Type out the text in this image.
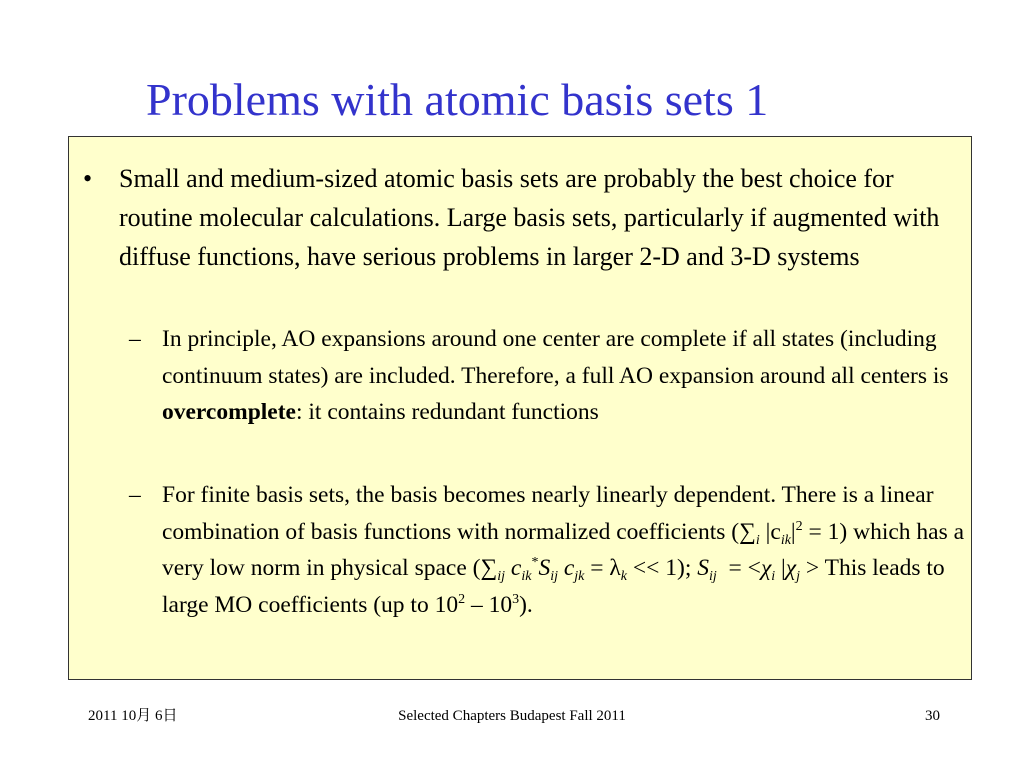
Problems with atomic basis sets 1
• Small and medium-sized atomic basis sets are probably the best choice for routine molecular calculations. Large basis sets, particularly if augmented with diffuse functions, have serious problems in larger 2-D and 3-D systems
– In principle, AO expansions around one center are complete if all states (including continuum states) are included. Therefore, a full AO expansion around all centers is overcomplete: it contains redundant functions
– For finite basis sets, the basis becomes nearly linearly dependent. There is a linear combination of basis functions with normalized coefficients ($\sum_i$ $|c_{ik}|^2 = 1$) which has a very low norm in physical space ($\sum_{ij}$ $c_{ik}^*S_{ij}$ $c_{jk} = \lambda_k << 1$); $S_{ij} = <\chi_i$ $|\chi_j$ > This leads to large MO coefficients (up to $10^2 - 10^3$).
2011 10月 6日	Selected Chapters Budapest Fall 2011	30
